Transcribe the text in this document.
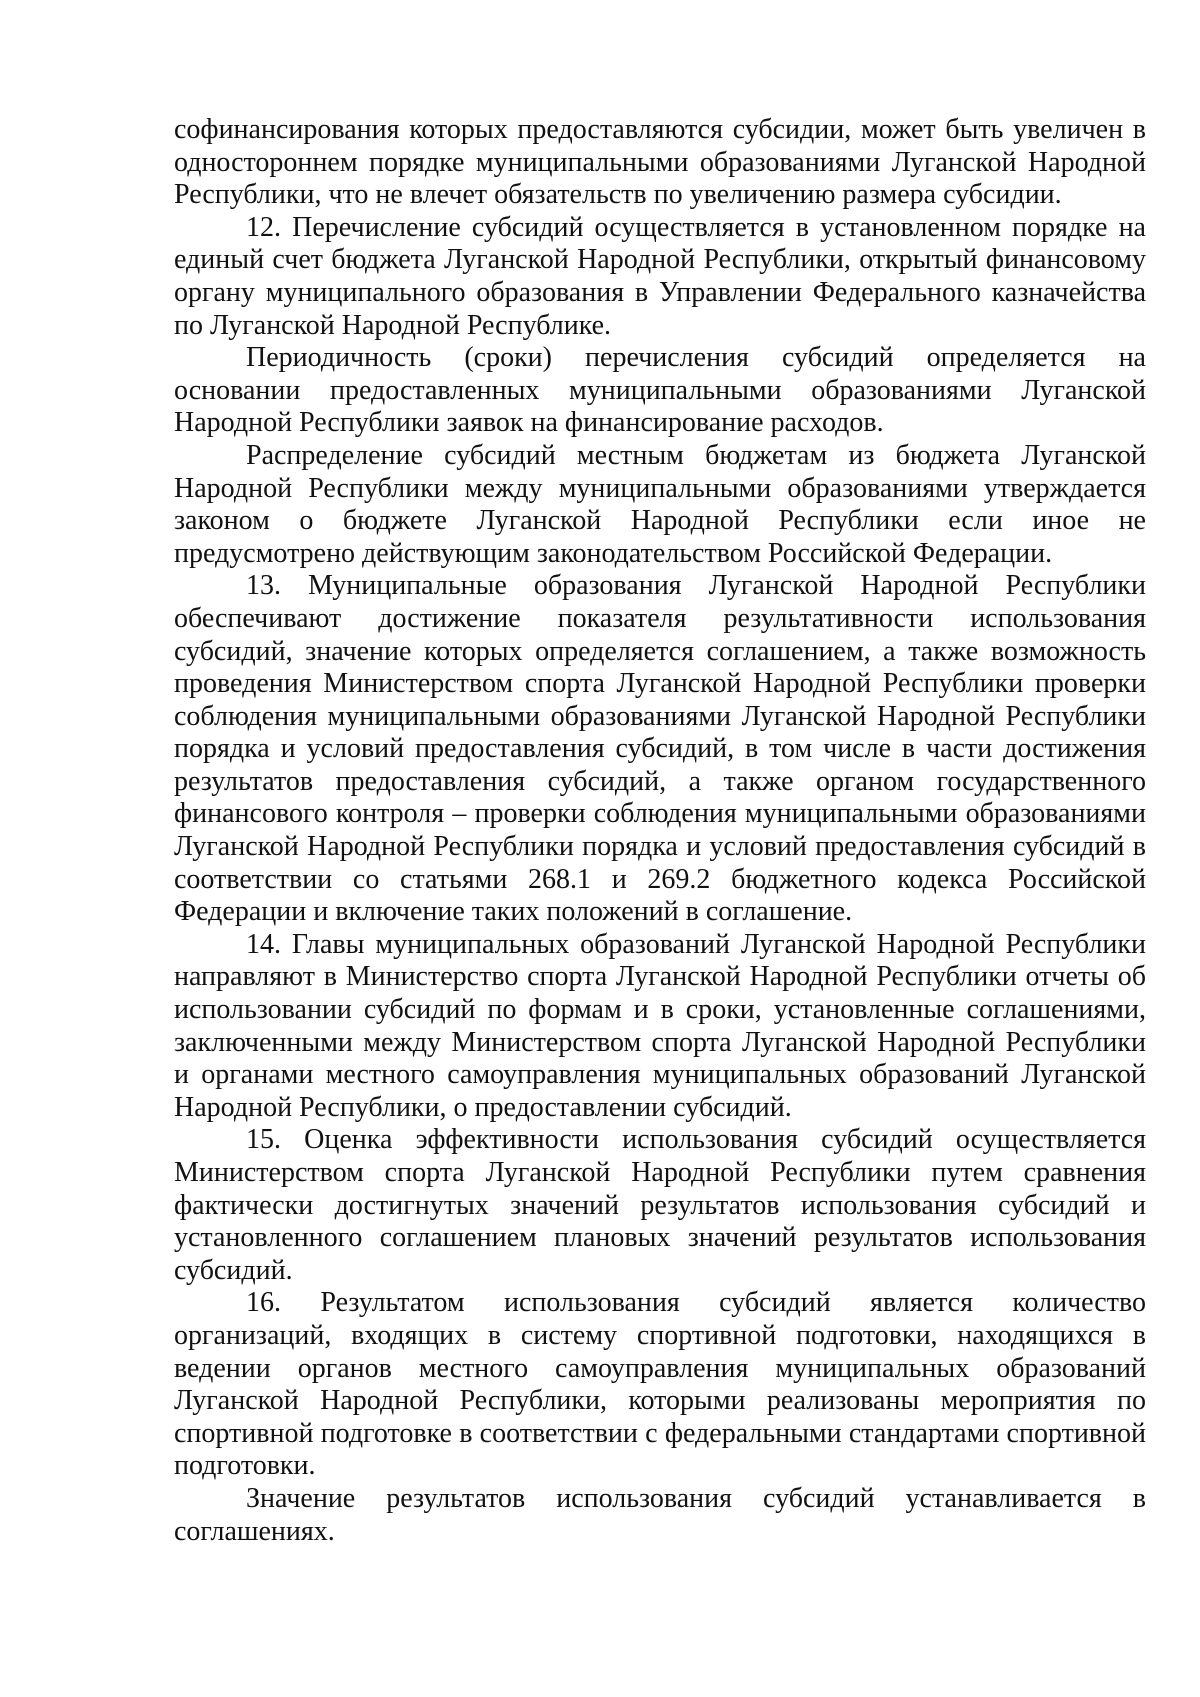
софинансирования которых предоставляются субсидии, может быть увеличен в одностороннем порядке муниципальными образованиями Луганской Народной Республики, что не влечет обязательств по увеличению размера субсидии.

12. Перечисление субсидий осуществляется в установленном порядке на единый счет бюджета Луганской Народной Республики, открытый финансовому органу муниципального образования в Управлении Федерального казначейства по Луганской Народной Республике.

Периодичность (сроки) перечисления субсидий определяется на основании предоставленных муниципальными образованиями Луганской Народной Республики заявок на финансирование расходов.

Распределение субсидий местным бюджетам из бюджета Луганской Народной Республики между муниципальными образованиями утверждается законом о бюджете Луганской Народной Республики если иное не предусмотрено действующим законодательством Российской Федерации.

13. Муниципальные образования Луганской Народной Республики обеспечивают достижение показателя результативности использования субсидий, значение которых определяется соглашением, а также возможность проведения Министерством спорта Луганской Народной Республики проверки соблюдения муниципальными образованиями Луганской Народной Республики порядка и условий предоставления субсидий, в том числе в части достижения результатов предоставления субсидий, а также органом государственного финансового контроля – проверки соблюдения муниципальными образованиями Луганской Народной Республики порядка и условий предоставления субсидий в соответствии со статьями 268.1 и 269.2 бюджетного кодекса Российской Федерации и включение таких положений в соглашение.

14. Главы муниципальных образований Луганской Народной Республики направляют в Министерство спорта Луганской Народной Республики отчеты об использовании субсидий по формам и в сроки, установленные соглашениями, заключенными между Министерством спорта Луганской Народной Республики и органами местного самоуправления муниципальных образований Луганской Народной Республики, о предоставлении субсидий.

15. Оценка эффективности использования субсидий осуществляется Министерством спорта Луганской Народной Республики путем сравнения фактически достигнутых значений результатов использования субсидий и установленного соглашением плановых значений результатов использования субсидий.

16. Результатом использования субсидий является количество организаций, входящих в систему спортивной подготовки, находящихся в ведении органов местного самоуправления муниципальных образований Луганской Народной Республики, которыми реализованы мероприятия по спортивной подготовке в соответствии с федеральными стандартами спортивной подготовки.

Значение результатов использования субсидий устанавливается в соглашениях.
